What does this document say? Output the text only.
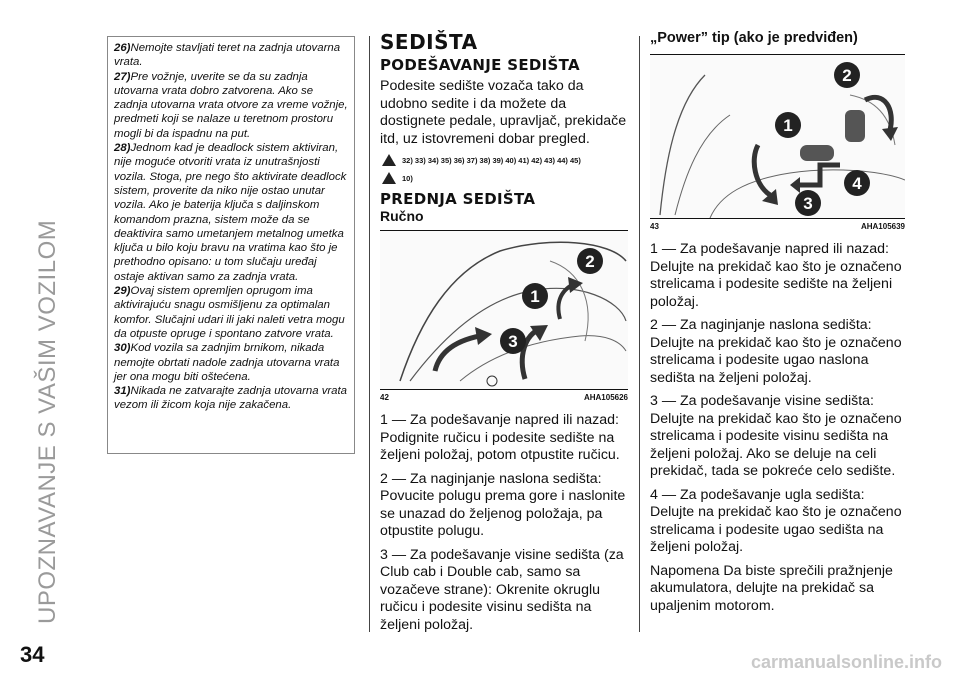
UPOZNAVANJE S VAŠIM VOZILOM

26)Nemojte stavljati teret na zadnja utovarna vrata.

27)Pre vožnje, uverite se da su zadnja utovarna vrata dobro zatvorena. Ako se zadnja utovarna vrata otvore za vreme vožnje, predmeti koji se nalaze u teretnom prostoru mogli bi da ispadnu na put.

28)Jednom kad je deadlock sistem aktiviran, nije moguće otvoriti vrata iz unutrašnjosti vozila. Stoga, pre nego što aktivirate deadlock sistem, proverite da niko nije ostao unutar vozila. Ako je baterija ključa s daljinskom komandom prazna, sistem može da se deaktivira samo umetanjem metalnog umetka ključa u bilo koju bravu na vratima kao što je prethodno opisano: u tom slučaju uređaj ostaje aktivan samo za zadnja vrata.

29)Ovaj sistem opremljen oprugom ima aktivirajuću snagu osmišljenu za optimalan komfor. Slučajni udari ili jaki naleti vetra mogu da otpuste opruge i spontano zatvore vrata.

30)Kod vozila sa zadnjim brnikom, nikada nemojte obrtati nadole zadnja utovarna vrata jer ona mogu biti oštećena.

31)Nikada ne zatvarajte zadnja utovarna vrata vezom ili žicom koja nije zakačena.

SEDIŠTA
PODEŠAVANJE SEDIŠTA

Podesite sedište vozača tako da udobno sedite i da možete da dostignete pedale, upravljač, prekidače itd, uz istovremeni dobar pregled.

32) 33) 34) 35) 36) 37) 38) 39) 40) 41) 42) 43) 44) 45)
10)
PREDNJA SEDIŠTA
Ručno
1
2
3
42	AHA105626

1 — Za podešavanje napred ili nazad: Podignite ručicu i podesite sedište na željeni položaj, potom otpustite ručicu.

2 — Za naginjanje naslona sedišta: Povucite polugu prema gore i naslonite se unazad do željenog položaja, pa otpustite polugu.

3 — Za podešavanje visine sedišta (za Club cab i Double cab, samo sa vozačeve strane): Okrenite okruglu ručicu i podesite visinu sedišta na željeni položaj.

„Power” tip (ako je predviđen)
1
2
3
4
43	AHA105639

1 — Za podešavanje napred ili nazad: Delujte na prekidač kao što je označeno strelicama i podesite sedište na željeni položaj.

2 — Za naginjanje naslona sedišta: Delujte na prekidač kao što je označeno strelicama i podesite ugao naslona sedišta na željeni položaj.

3 — Za podešavanje visine sedišta: Delujte na prekidač kao što je označeno strelicama i podesite visinu sedišta na željeni položaj. Ako se deluje na celi prekidač, tada se pokreće celo sedište.

4 — Za podešavanje ugla sedišta: Delujte na prekidač kao što je označeno strelicama i podesite ugao sedišta na željeni položaj.

Napomena Da biste sprečili pražnjenje akumulatora, delujte na prekidač sa upaljenim motorom.

34	carmanualsonline.info
